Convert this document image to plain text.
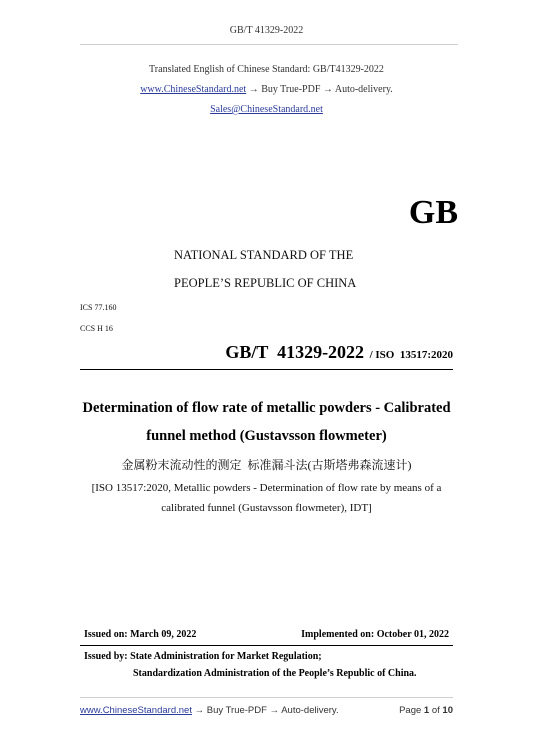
GB/T 41329-2022
Translated English of Chinese Standard: GB/T41329-2022
www.ChineseStandard.net → Buy True-PDF → Auto-delivery.
Sales@ChineseStandard.net
GB
NATIONAL STANDARD OF THE
PEOPLE’S REPUBLIC OF CHINA
ICS 77.160
CCS H 16
GB/T  41329-2022 / ISO  13517:2020
Determination of flow rate of metallic powders - Calibrated
funnel method (Gustavsson flowmeter)
金属粉末流动性的测定  标准漏斗法(古斯塔弗森流速计)
[ISO 13517:2020, Metallic powders - Determination of flow rate by means of a
calibrated funnel (Gustavsson flowmeter), IDT]
Issued on: March 09, 2022	Implemented on: October 01, 2022
Issued by: State Administration for Market Regulation;
Standardization Administration of the People’s Republic of China.
www.ChineseStandard.net → Buy True-PDF → Auto-delivery.	Page 1 of 10
